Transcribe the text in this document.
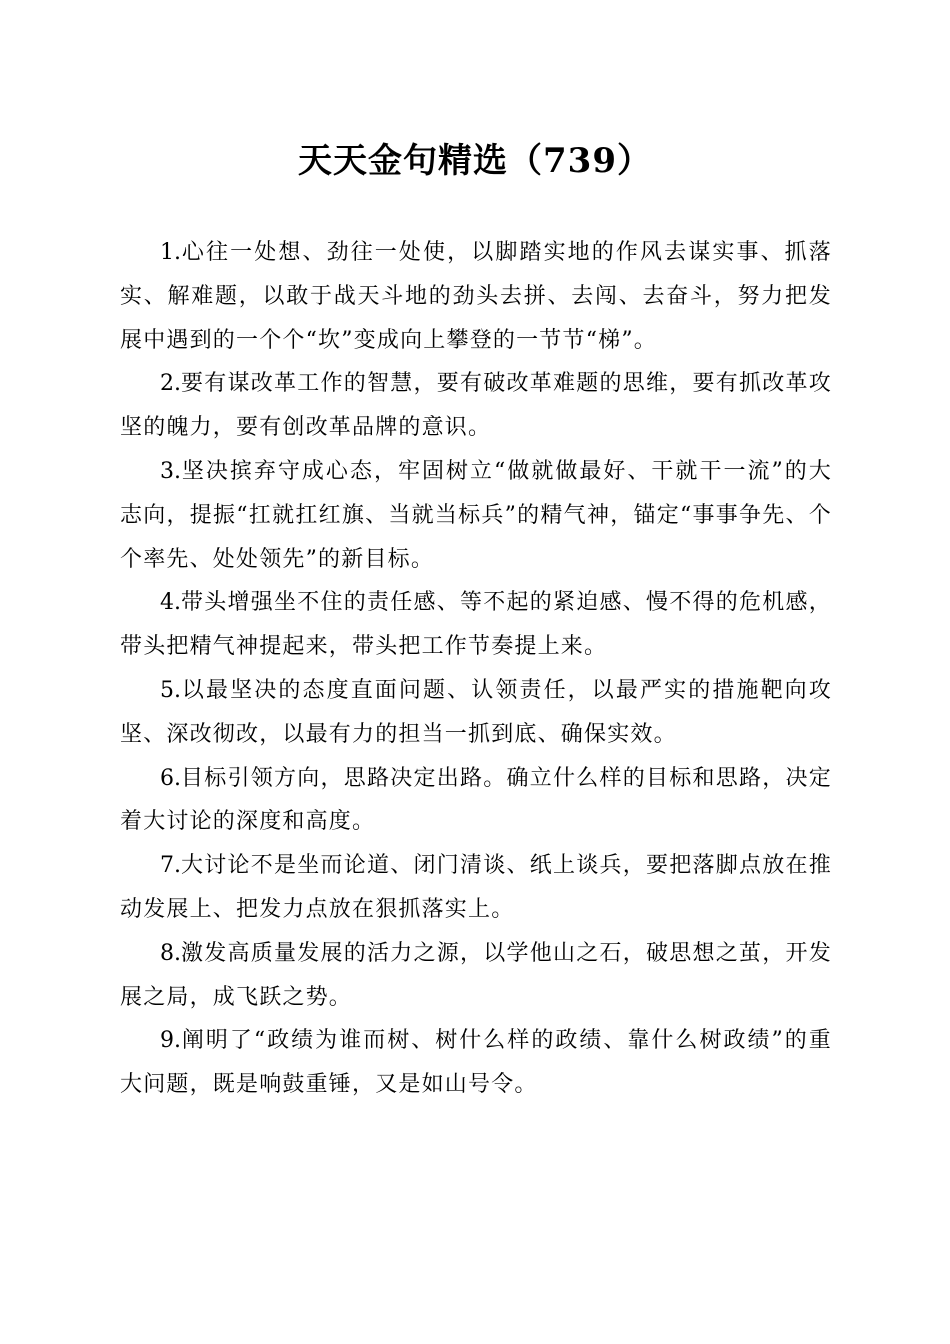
天天金句精选（739）

1.心往一处想、劲往一处使，以脚踏实地的作风去谋实事、抓落实、解难题，以敢于战天斗地的劲头去拼、去闯、去奋斗，努力把发展中遇到的一个个“坎”变成向上攀登的一节节“梯”。

2.要有谋改革工作的智慧，要有破改革难题的思维，要有抓改革攻坚的魄力，要有创改革品牌的意识。

3.坚决摈弃守成心态，牢固树立“做就做最好、干就干一流”的大志向，提振“扛就扛红旗、当就当标兵”的精气神，锚定“事事争先、个个率先、处处领先”的新目标。

4.带头增强坐不住的责任感、等不起的紧迫感、慢不得的危机感，带头把精气神提起来，带头把工作节奏提上来。

5.以最坚决的态度直面问题、认领责任，以最严实的措施靶向攻坚、深改彻改，以最有力的担当一抓到底、确保实效。

6.目标引领方向，思路决定出路。确立什么样的目标和思路，决定着大讨论的深度和高度。

7.大讨论不是坐而论道、闭门清谈、纸上谈兵，要把落脚点放在推动发展上、把发力点放在狠抓落实上。

8.激发高质量发展的活力之源，以学他山之石，破思想之茧，开发展之局，成飞跃之势。

9.阐明了“政绩为谁而树、树什么样的政绩、靠什么树政绩”的重大问题，既是响鼓重锤，又是如山号令。
